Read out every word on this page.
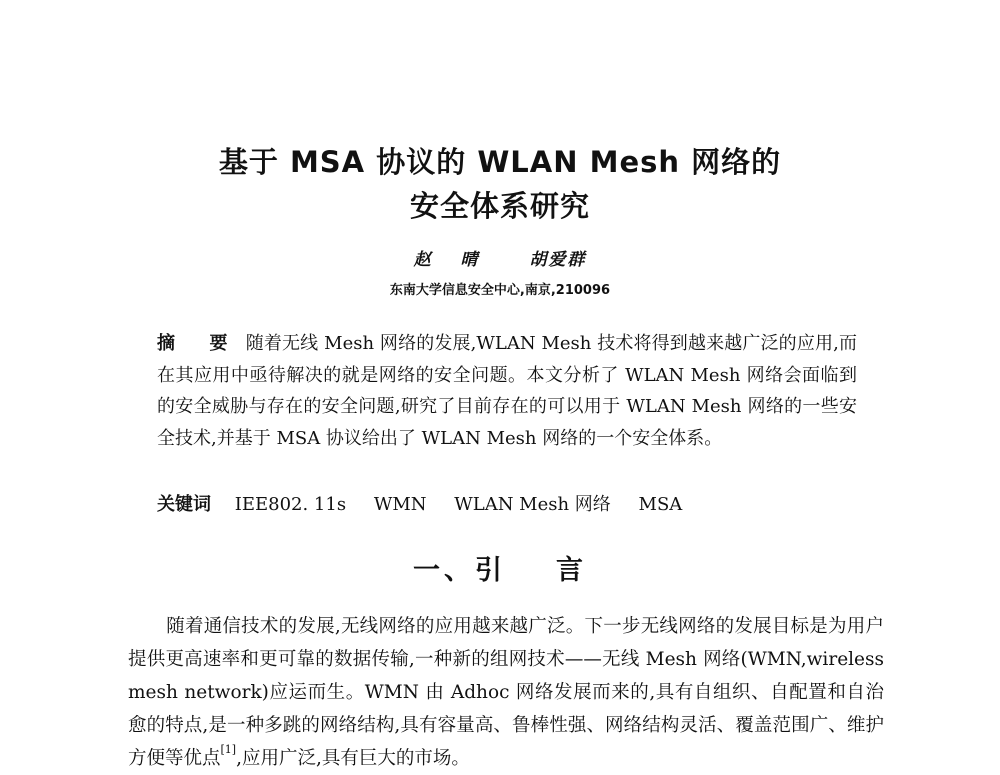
基于 MSA 协议的 WLAN Mesh 网络的
安全体系研究
赵 晴 胡爱群
东南大学信息安全中心,南京,210096
摘 要 随着无线 Mesh 网络的发展,WLAN Mesh 技术将得到越来越广泛的应用,而在其应用中亟待解决的就是网络的安全问题。本文分析了 WLAN Mesh 网络会面临到的安全威胁与存在的安全问题,研究了目前存在的可以用于 WLAN Mesh 网络的一些安全技术,并基于 MSA 协议给出了 WLAN Mesh 网络的一个安全体系。
关键词 IEE802. 11s WMN WLAN Mesh 网络 MSA
一、引 言
随着通信技术的发展,无线网络的应用越来越广泛。下一步无线网络的发展目标是为用户提供更高速率和更可靠的数据传输,一种新的组网技术——无线 Mesh 网络(WMN,wireless mesh network)应运而生。WMN 由 Adhoc 网络发展而来的,具有自组织、自配置和自治愈的特点,是一种多跳的网络结构,具有容量高、鲁棒性强、网络结构灵活、覆盖范围广、维护方便等优点[1],应用广泛,具有巨大的市场。
